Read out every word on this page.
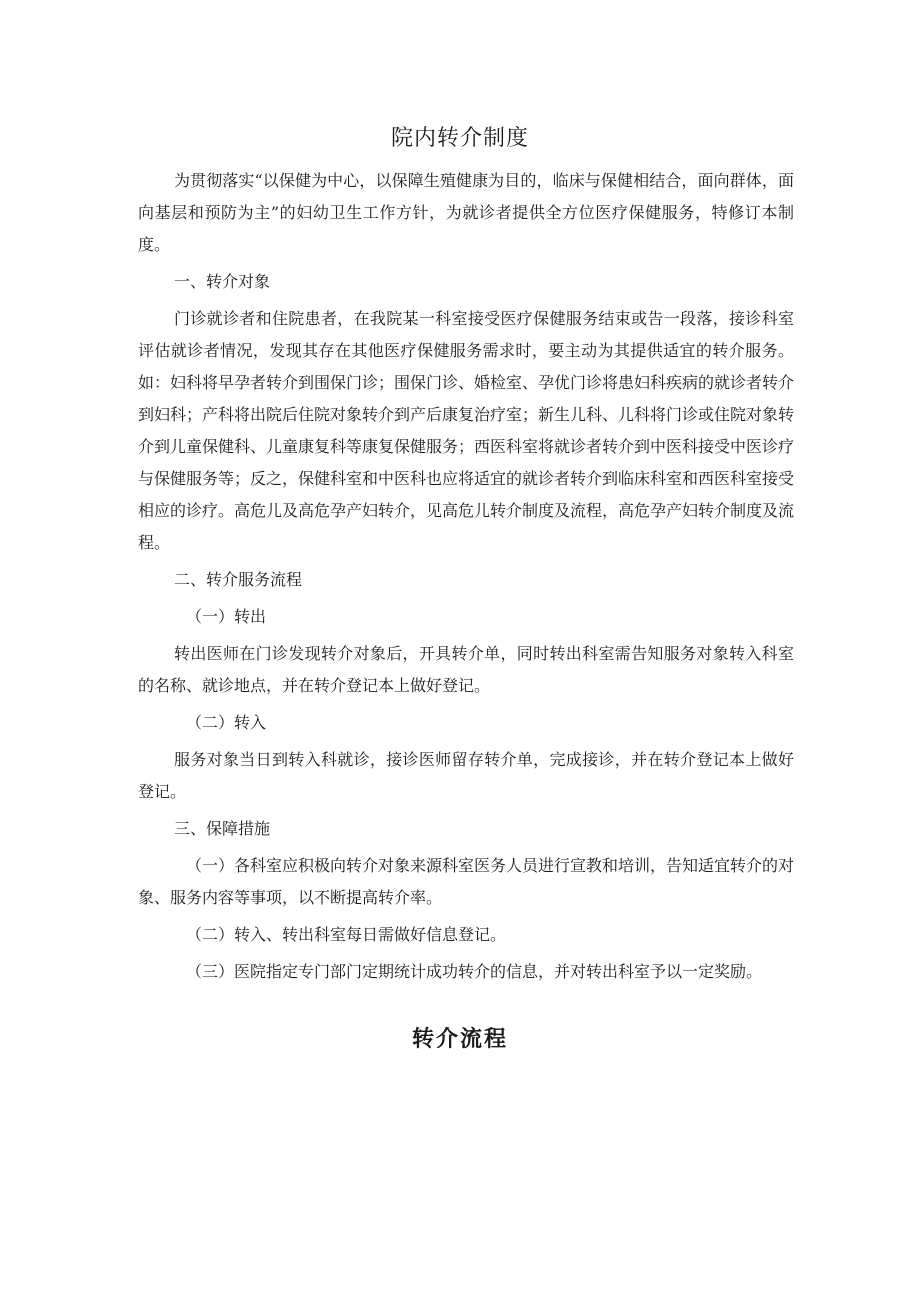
院内转介制度

为贯彻落实“以保健为中心，以保障生殖健康为目的，临床与保健相结合，面向群体，面向基层和预防为主”的妇幼卫生工作方针，为就诊者提供全方位医疗保健服务，特修订本制度。

一、转介对象

门诊就诊者和住院患者，在我院某一科室接受医疗保健服务结束或告一段落，接诊科室评估就诊者情况，发现其存在其他医疗保健服务需求时，要主动为其提供适宜的转介服务。如：妇科将早孕者转介到围保门诊；围保门诊、婚检室、孕优门诊将患妇科疾病的就诊者转介到妇科；产科将出院后住院对象转介到产后康复治疗室；新生儿科、儿科将门诊或住院对象转介到儿童保健科、儿童康复科等康复保健服务；西医科室将就诊者转介到中医科接受中医诊疗与保健服务等；反之，保健科室和中医科也应将适宜的就诊者转介到临床科室和西医科室接受相应的诊疗。高危儿及高危孕产妇转介，见高危儿转介制度及流程，高危孕产妇转介制度及流程。

二、转介服务流程

（一）转出

转出医师在门诊发现转介对象后，开具转介单，同时转出科室需告知服务对象转入科室的名称、就诊地点，并在转介登记本上做好登记。

（二）转入

服务对象当日到转入科就诊，接诊医师留存转介单，完成接诊，并在转介登记本上做好登记。

三、保障措施

（一）各科室应积极向转介对象来源科室医务人员进行宣教和培训，告知适宜转介的对象、服务内容等事项，以不断提高转介率。

（二）转入、转出科室每日需做好信息登记。

（三）医院指定专门部门定期统计成功转介的信息，并对转出科室予以一定奖励。

转介流程
